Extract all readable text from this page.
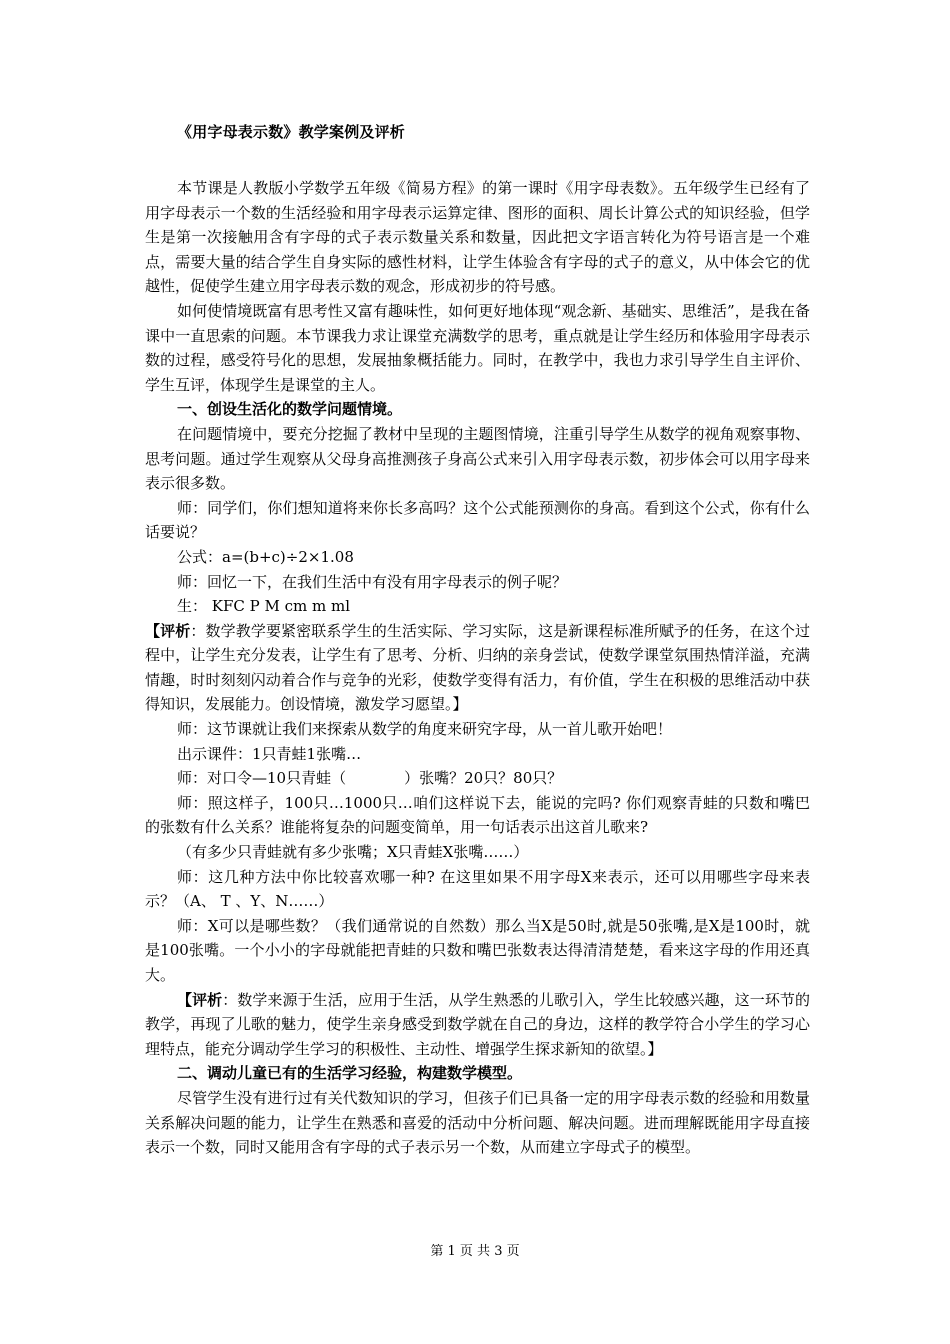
《用字母表示数》教学案例及评析

本节课是人教版小学数学五年级《简易方程》的第一课时《用字母表数》。五年级学生已经有了用字母表示一个数的生活经验和用字母表示运算定律、图形的面积、周长计算公式的知识经验，但学生是第一次接触用含有字母的式子表示数量关系和数量，因此把文字语言转化为符号语言是一个难点，需要大量的结合学生自身实际的感性材料，让学生体验含有字母的式子的意义，从中体会它的优越性，促使学生建立用字母表示数的观念，形成初步的符号感。

如何使情境既富有思考性又富有趣味性，如何更好地体现“观念新、基础实、思维活”，是我在备课中一直思索的问题。本节课我力求让课堂充满数学的思考，重点就是让学生经历和体验用字母表示数的过程，感受符号化的思想，发展抽象概括能力。同时，在教学中，我也力求引导学生自主评价、学生互评，体现学生是课堂的主人。

一、创设生活化的数学问题情境。

在问题情境中，要充分挖掘了教材中呈现的主题图情境，注重引导学生从数学的视角观察事物、思考问题。通过学生观察从父母身高推测孩子身高公式来引入用字母表示数，初步体会可以用字母来表示很多数。

师：同学们，你们想知道将来你长多高吗？这个公式能预测你的身高。看到这个公式，你有什么话要说？

公式：a=(b+c)÷2×1.08

师：回忆一下，在我们生活中有没有用字母表示的例子呢？

生： KFC P M cm m ml

【评析：数学教学要紧密联系学生的生活实际、学习实际，这是新课程标准所赋予的任务，在这个过程中，让学生充分发表，让学生有了思考、分析、归纳的亲身尝试，使数学课堂氛围热情洋溢，充满情趣，时时刻刻闪动着合作与竞争的光彩，使数学变得有活力，有价值，学生在积极的思维活动中获得知识，发展能力。创设情境，激发学习愿望。】

师：这节课就让我们来探索从数学的角度来研究字母，从一首儿歌开始吧！

出示课件：1只青蛙1张嘴…

师：对口令—10只青蛙（	）张嘴？20只？80只？

师：照这样子，100只…1000只…咱们这样说下去，能说的完吗? 你们观察青蛙的只数和嘴巴的张数有什么关系？谁能将复杂的问题变简单，用一句话表示出这首儿歌来?

（有多少只青蛙就有多少张嘴；X只青蛙X张嘴……）

师：这几种方法中你比较喜欢哪一种? 在这里如果不用字母X来表示，还可以用哪些字母来表示？（A、 T 、Y、N……）

师：X可以是哪些数？（我们通常说的自然数）那么当X是50时,就是50张嘴,是X是100时，就是100张嘴。一个小小的字母就能把青蛙的只数和嘴巴张数表达得清清楚楚，看来这字母的作用还真大。

【评析：数学来源于生活，应用于生活，从学生熟悉的儿歌引入，学生比较感兴趣，这一环节的教学，再现了儿歌的魅力，使学生亲身感受到数学就在自己的身边，这样的教学符合小学生的学习心理特点，能充分调动学生学习的积极性、主动性、增强学生探求新知的欲望。】

二、调动儿童已有的生活学习经验，构建数学模型。

尽管学生没有进行过有关代数知识的学习，但孩子们已具备一定的用字母表示数的经验和用数量关系解决问题的能力，让学生在熟悉和喜爱的活动中分析问题、解决问题。进而理解既能用字母直接表示一个数，同时又能用含有字母的式子表示另一个数，从而建立字母式子的模型。

第 1 页 共 3 页
